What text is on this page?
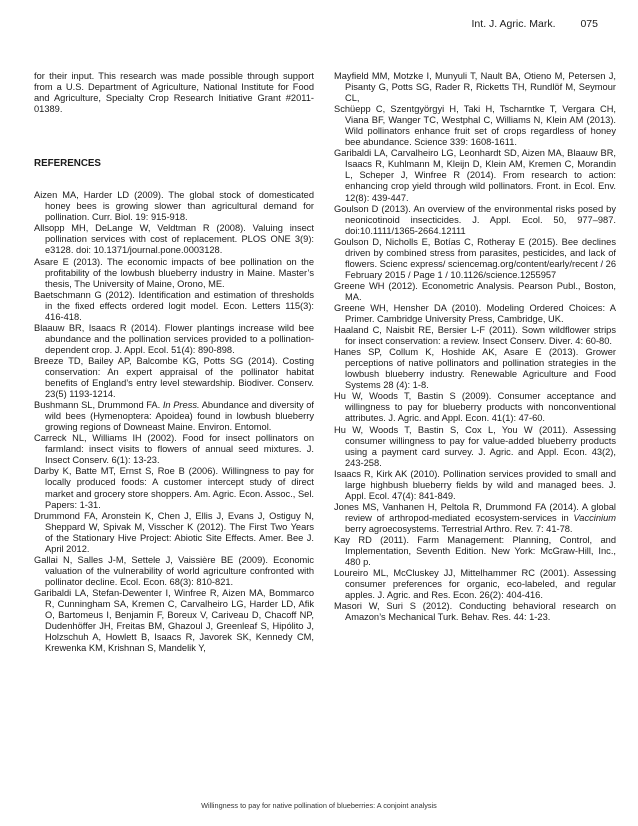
Int. J. Agric. Mark. 075

for their input. This research was made possible through support from a U.S. Department of Agriculture, National Institute for Food and Agriculture, Specialty Crop Research Initiative Grant #2011-01389.

REFERENCES

Aizen MA, Harder LD (2009). The global stock of domesticated honey bees is growing slower than agricultural demand for pollination. Curr. Biol. 19: 915-918.

Allsopp MH, DeLange W, Veldtman R (2008). Valuing insect pollination services with cost of replacement. PLOS ONE 3(9): e3128. doi: 10.1371/journal.pone.0003128.

Asare E (2013). The economic impacts of bee pollination on the profitability of the lowbush blueberry industry in Maine. Master’s thesis, The University of Maine, Orono, ME.

Baetschmann G (2012). Identification and estimation of thresholds in the fixed effects ordered logit model. Econ. Letters 115(3): 416-418.

Blaauw BR, Isaacs R (2014). Flower plantings increase wild bee abundance and the pollination services provided to a pollination-dependent crop. J. Appl. Ecol. 51(4): 890-898.

Breeze TD, Bailey AP, Balcombe KG, Potts SG (2014). Costing conservation: An expert appraisal of the pollinator habitat benefits of England’s entry level stewardship. Biodiver. Conserv. 23(5) 1193-1214.

Bushmann SL, Drummond FA. In Press. Abundance and diversity of wild bees (Hymenoptera: Apoidea) found in lowbush blueberry growing regions of Downeast Maine. Environ. Entomol.

Carreck NL, Williams IH (2002). Food for insect pollinators on farmland: insect visits to flowers of annual seed mixtures. J. Insect Conserv. 6(1): 13-23.

Darby K, Batte MT, Ernst S, Roe B (2006). Willingness to pay for locally produced foods: A customer intercept study of direct market and grocery store shoppers. Am. Agric. Econ. Assoc., Sel. Papers: 1-31.

Drummond FA, Aronstein K, Chen J, Ellis J, Evans J, Ostiguy N, Sheppard W, Spivak M, Visscher K (2012). The First Two Years of the Stationary Hive Project: Abiotic Site Effects. Amer. Bee J. April 2012.

Gallai N, Salles J-M, Settele J, Vaissière BE (2009). Economic valuation of the vulnerability of world agriculture confronted with pollinator decline. Ecol. Econ. 68(3): 810-821.

Garibaldi LA, Stefan-Dewenter I, Winfree R, Aizen MA, Bommarco R, Cunningham SA, Kremen C, Carvalheiro LG, Harder LD, Afik O, Bartomeus I, Benjamin F, Boreux V, Cariveau D, Chacoff NP, Dudenhöffer JH, Freitas BM, Ghazoul J, Greenleaf S, Hipólito J, Holzschuh A, Howlett B, Isaacs R, Javorek SK, Kennedy CM, Krewenka KM, Krishnan S, Mandelik Y,

Mayfield MM, Motzke I, Munyuli T, Nault BA, Otieno M, Petersen J, Pisanty G, Potts SG, Rader R, Ricketts TH, Rundlöf M, Seymour CL,

Schüepp C, Szentgyörgyi H, Taki H, Tscharntke T, Vergara CH, Viana BF, Wanger TC, Westphal C, Williams N, Klein AM (2013). Wild pollinators enhance fruit set of crops regardless of honey bee abundance. Science 339: 1608-1611.

Garibaldi LA, Carvalheiro LG, Leonhardt SD, Aizen MA, Blaauw BR, Isaacs R, Kuhlmann M, Kleijn D, Klein AM, Kremen C, Morandin L, Scheper J, Winfree R (2014). From research to action: enhancing crop yield through wild pollinators. Front. in Ecol. Env. 12(8): 439-447.

Goulson D (2013). An overview of the environmental risks posed by neonicotinoid insecticides. J. Appl. Ecol. 50, 977–987. doi:10.1111/1365-2664.12111

Goulson D, Nicholls E, Botías C, Rotheray E (2015). Bee declines driven by combined stress from parasites, pesticides, and lack of flowers. Scienc express/ sciencemag.org/content/early/recent / 26 February 2015 / Page 1 / 10.1126/science.1255957

Greene WH (2012). Econometric Analysis. Pearson Publ., Boston, MA.

Greene WH, Hensher DA (2010). Modeling Ordered Choices: A Primer. Cambridge University Press, Cambridge, UK.

Haaland C, Naisbit RE, Bersier L-F (2011). Sown wildflower strips for insect conservation: a review. Insect Conserv. Diver. 4: 60-80.

Hanes SP, Collum K, Hoshide AK, Asare E (2013). Grower perceptions of native pollinators and pollination strategies in the lowbush blueberry industry. Renewable Agriculture and Food Systems 28 (4): 1-8.

Hu W, Woods T, Bastin S (2009). Consumer acceptance and willingness to pay for blueberry products with nonconventional attributes. J. Agric. and Appl. Econ. 41(1): 47-60.

Hu W, Woods T, Bastin S, Cox L, You W (2011). Assessing consumer willingness to pay for value-added blueberry products using a payment card survey. J. Agric. and Appl. Econ. 43(2), 243-258.

Isaacs R, Kirk AK (2010). Pollination services provided to small and large highbush blueberry fields by wild and managed bees. J. Appl. Ecol. 47(4): 841-849.

Jones MS, Vanhanen H, Peltola R, Drummond FA (2014). A global review of arthropod-mediated ecosystem-services in Vaccinium berry agroecosystems. Terrestrial Arthro. Rev. 7: 41-78.

Kay RD (2011). Farm Management: Planning, Control, and Implementation, Seventh Edition. New York: McGraw-Hill, Inc., 480 p.

Loureiro ML, McCluskey JJ, Mittelhammer RC (2001). Assessing consumer preferences for organic, eco-labeled, and regular apples. J. Agric. and Res. Econ. 26(2): 404-416.

Masori W, Suri S (2012). Conducting behavioral research on Amazon’s Mechanical Turk. Behav. Res. 44: 1-23.

Willingness to pay for native pollination of blueberries: A conjoint analysis
